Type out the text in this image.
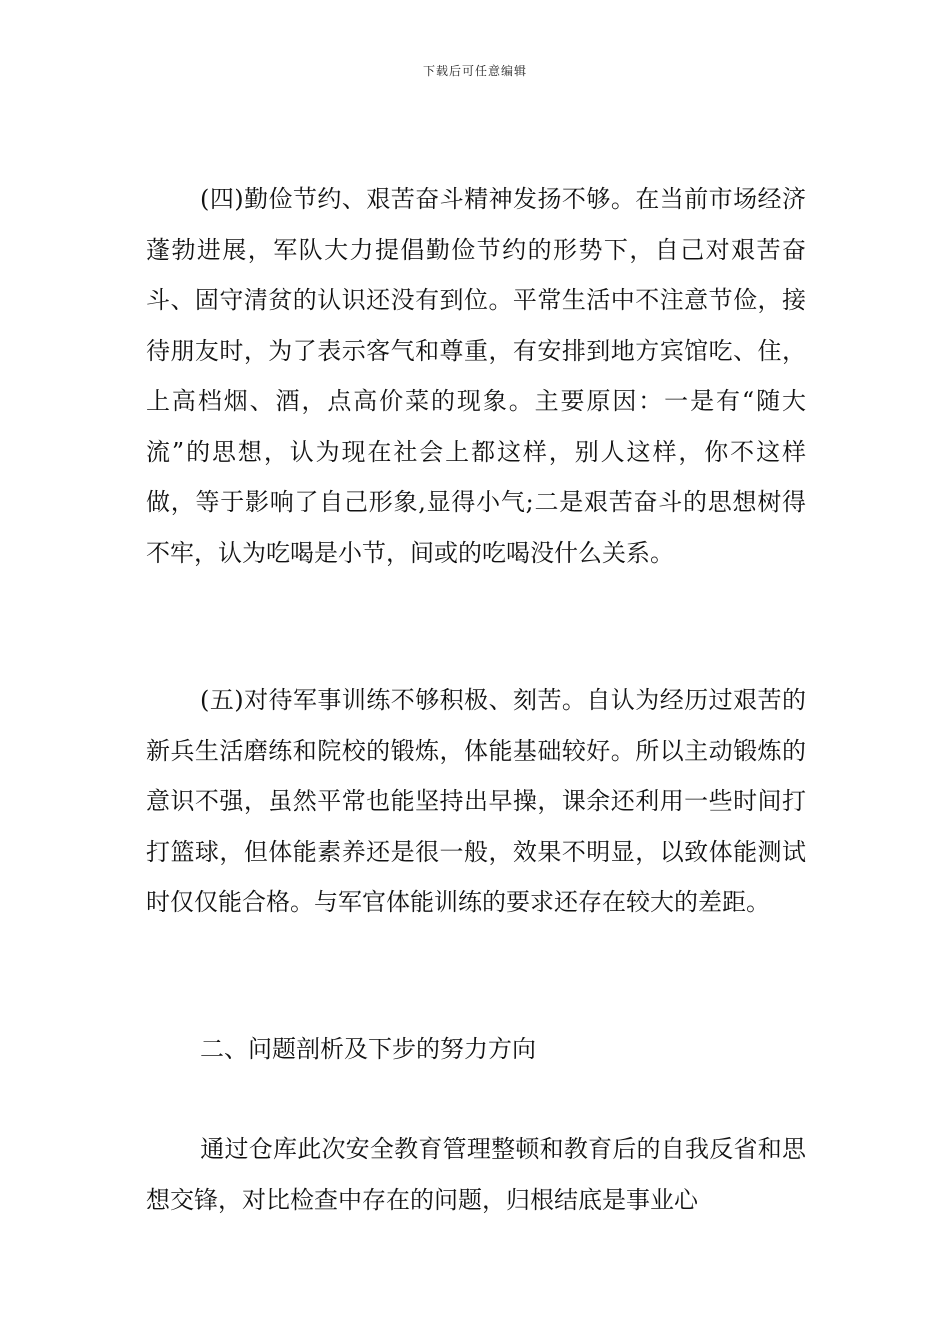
下载后可任意编辑

(四)勤俭节约、艰苦奋斗精神发扬不够。在当前市场经济蓬勃进展，军队大力提倡勤俭节约的形势下，自己对艰苦奋斗、固守清贫的认识还没有到位。平常生活中不注意节俭，接待朋友时，为了表示客气和尊重，有安排到地方宾馆吃、住，上高档烟、酒，点高价菜的现象。主要原因：一是有“随大流”的思想，认为现在社会上都这样，别人这样，你不这样做，等于影响了自己形象,显得小气;二是艰苦奋斗的思想树得不牢，认为吃喝是小节，间或的吃喝没什么关系。

(五)对待军事训练不够积极、刻苦。自认为经历过艰苦的新兵生活磨练和院校的锻炼，体能基础较好。所以主动锻炼的意识不强，虽然平常也能坚持出早操，课余还利用一些时间打打篮球，但体能素养还是很一般，效果不明显，以致体能测试时仅仅能合格。与军官体能训练的要求还存在较大的差距。

二、问题剖析及下步的努力方向

通过仓库此次安全教育管理整顿和教育后的自我反省和思想交锋，对比检查中存在的问题，归根结底是事业心
